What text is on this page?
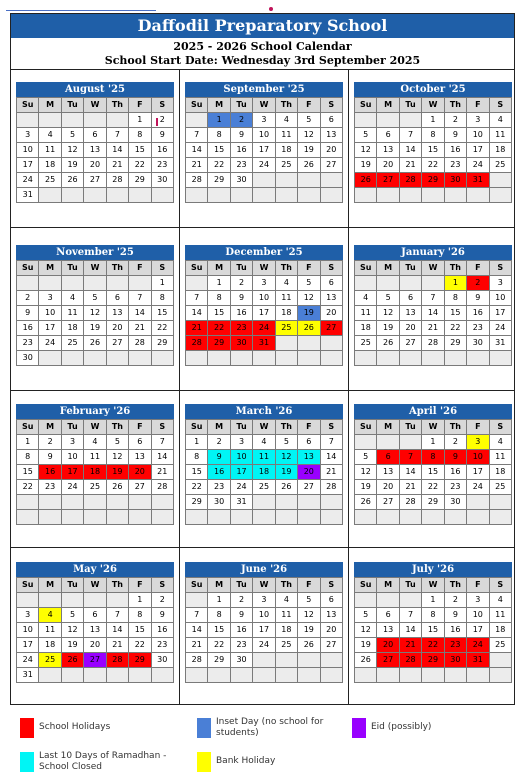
Daffodil Preparatory School
2025 - 2026 School Calendar
School Start Date: Wednesday 3rd September 2025
August '25
Su	M	Tu	W	Th	F	S
					1	2
3	4	5	6	7	8	9
10	11	12	13	14	15	16
17	18	19	20	21	22	23
24	25	26	27	28	29	30
31						
September '25
Su	M	Tu	W	Th	F	S
	1	2	3	4	5	6
7	8	9	10	11	12	13
14	15	16	17	18	19	20
21	22	23	24	25	26	27
28	29	30				

October '25
Su	M	Tu	W	Th	F	S
			1	2	3	4
5	6	7	8	9	10	11
12	13	14	15	16	17	18
19	20	21	22	23	24	25
26	27	28	29	30	31	

November '25
Su	M	Tu	W	Th	F	S
						1
2	3	4	5	6	7	8
9	10	11	12	13	14	15
16	17	18	19	20	21	22
23	24	25	26	27	28	29
30						
December '25
Su	M	Tu	W	Th	F	S
	1	2	3	4	5	6
7	8	9	10	11	12	13
14	15	16	17	18	19	20
21	22	23	24	25	26	27
28	29	30	31			

January '26
Su	M	Tu	W	Th	F	S
				1	2	3
4	5	6	7	8	9	10
11	12	13	14	15	16	17
18	19	20	21	22	23	24
25	26	27	28	29	30	31

February '26
Su	M	Tu	W	Th	F	S
1	2	3	4	5	6	7
8	9	10	11	12	13	14
15	16	17	18	19	20	21
22	23	24	25	26	27	28

March '26
Su	M	Tu	W	Th	F	S
1	2	3	4	5	6	7
8	9	10	11	12	13	14
15	16	17	18	19	20	21
22	23	24	25	26	27	28
29	30	31				

April '26
Su	M	Tu	W	Th	F	S
			1	2	3	4
5	6	7	8	9	10	11
12	13	14	15	16	17	18
19	20	21	22	23	24	25
26	27	28	29	30		

May '26
Su	M	Tu	W	Th	F	S
					1	2
3	4	5	6	7	8	9
10	11	12	13	14	15	16
17	18	19	20	21	22	23
24	25	26	27	28	29	30
31						
June '26
Su	M	Tu	W	Th	F	S
	1	2	3	4	5	6
7	8	9	10	11	12	13
14	15	16	17	18	19	20
21	22	23	24	25	26	27
28	29	30				

July '26
Su	M	Tu	W	Th	F	S
			1	2	3	4
5	6	7	8	9	10	11
12	13	14	15	16	17	18
19	20	21	22	23	24	25
26	27	28	29	30	31	

School Holidays	Inset Day (no school for students)
Eid (possibly)
Last 10 Days of Ramadhan - School Closed
Bank Holiday
